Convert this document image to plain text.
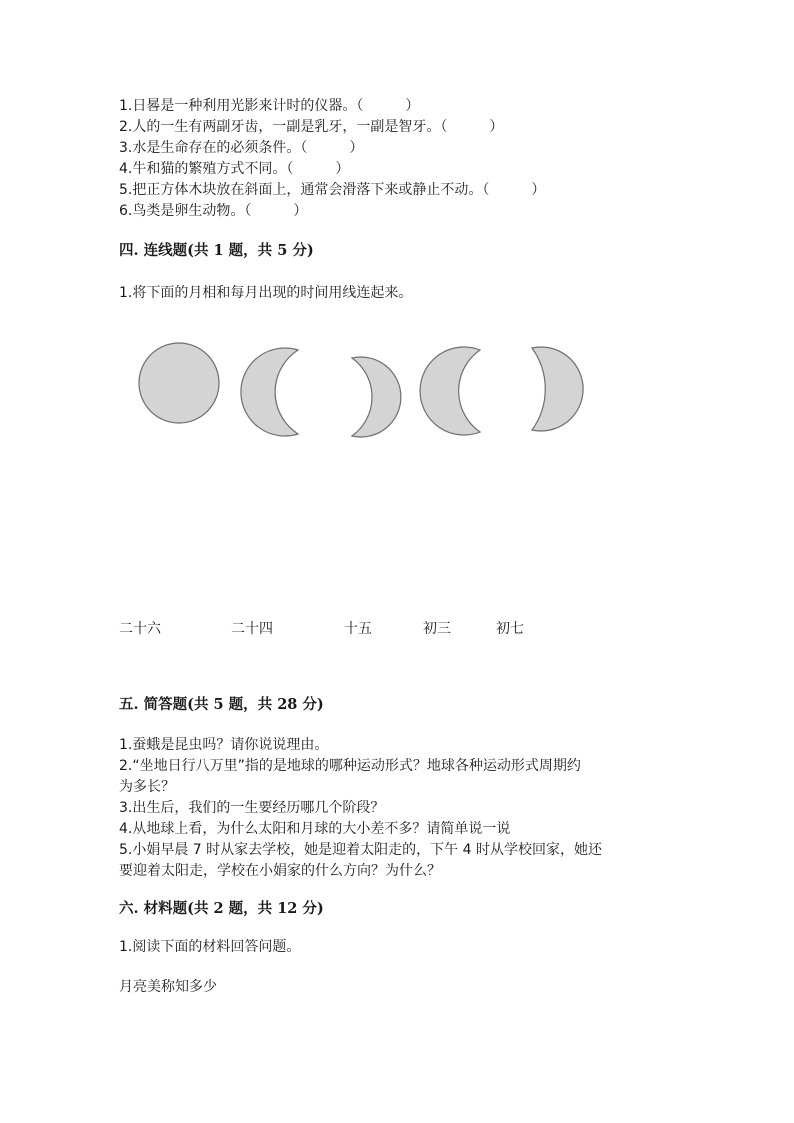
1.日晷是一种利用光影来计时的仪器。（　　　）
2.人的一生有两副牙齿，一副是乳牙，一副是智牙。（　　　）
3.水是生命存在的必须条件。（　　　）
4.牛和猫的繁殖方式不同。（　　　）
5.把正方体木块放在斜面上，通常会滑落下来或静止不动。（　　　）
6.鸟类是卵生动物。（　　　）
四. 连线题(共 1 题，共 5 分)
1.将下面的月相和每月出现的时间用线连起来。
二十六	二十四	十五	初三	初七
五. 简答题(共 5 题，共 28 分)
1.蚕蛾是昆虫吗？请你说说理由。
2.“坐地日行八万里”指的是地球的哪种运动形式？地球各种运动形式周期约
为多长？
3.出生后，我们的一生要经历哪几个阶段？
4.从地球上看，为什么太阳和月球的大小差不多？请简单说一说
5.小娟早晨 7 时从家去学校，她是迎着太阳走的，下午 4 时从学校回家，她还
要迎着太阳走，学校在小娟家的什么方向？为什么？
六. 材料题(共 2 题，共 12 分)
1.阅读下面的材料回答问题。
月亮美称知多少
